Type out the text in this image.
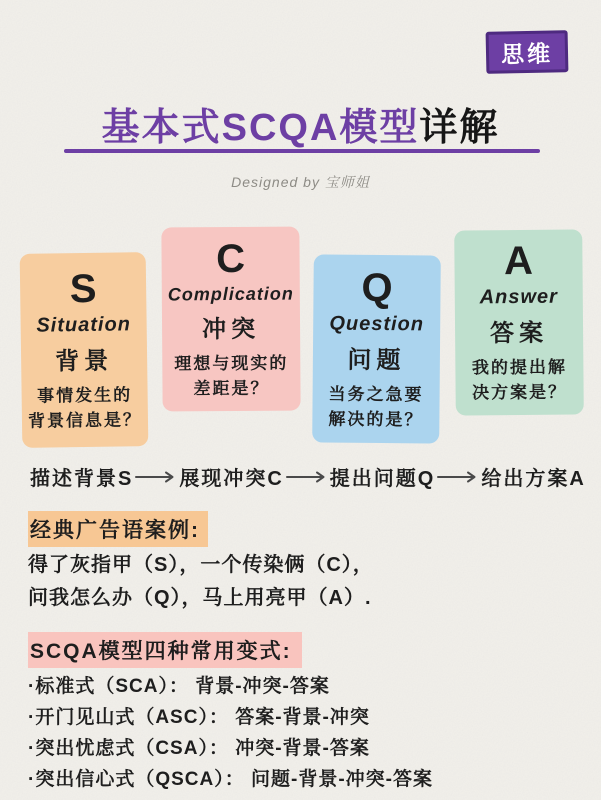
思维
基本式SCQA模型详解
Designed by 宝师姐
S
Situation
背景
事情发生的
背景信息是？
C
Complication
冲突
理想与现实的
差距是？
Q
Question
问题
当务之急要
解决的是？
A
Answer
答案
我的提出解
决方案是？
描述背景S 展现冲突C 提出问题Q 给出方案A
经典广告语案例:
得了灰指甲（S），一个传染俩（C），
问我怎么办（Q），马上用亮甲（A）.
SCQA模型四种常用变式:
·标准式（SCA）： 背景-冲突-答案
·开门见山式（ASC）： 答案-背景-冲突
·突出忧虑式（CSA）： 冲突-背景-答案
·突出信心式（QSCA）： 问题-背景-冲突-答案
